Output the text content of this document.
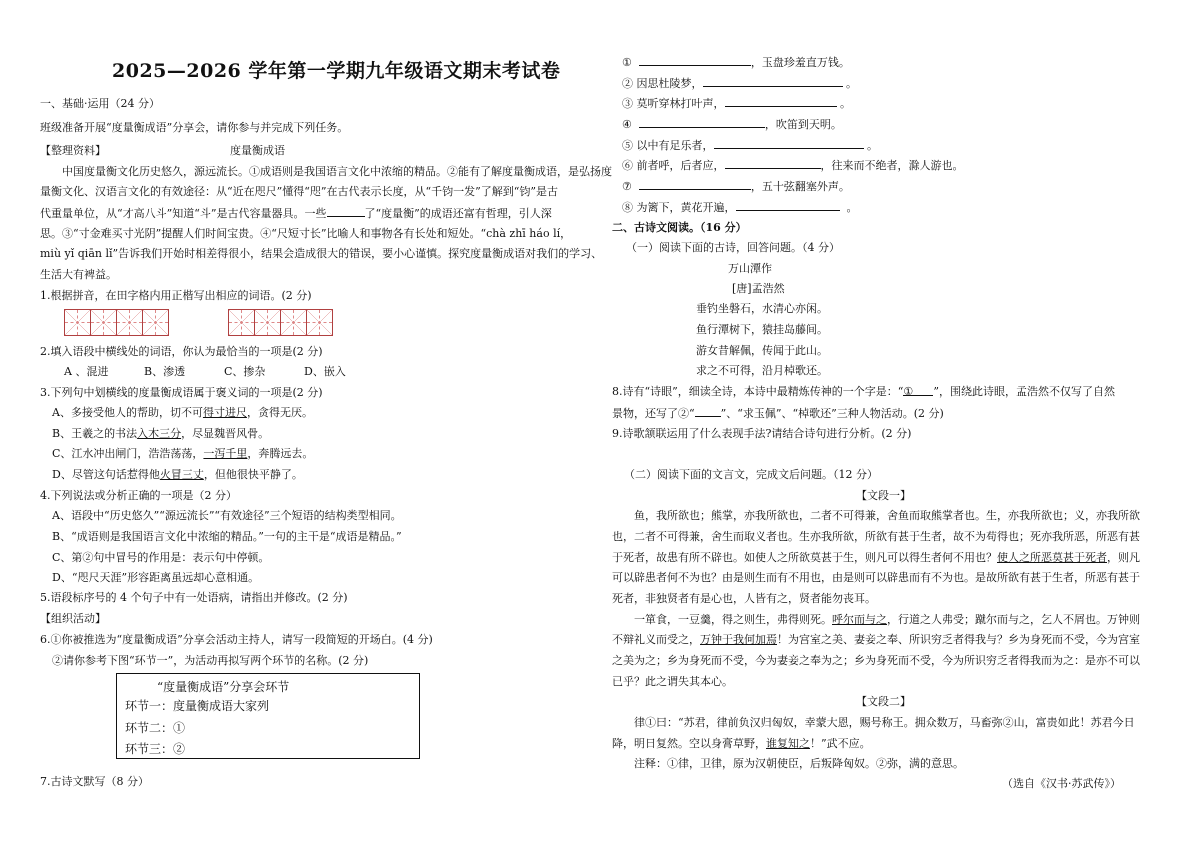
2025—2026 学年第一学期九年级语文期末考试卷
一、基础·运用（24 分）
班级准备开展“度量衡成语”分享会，请你参与并完成下列任务。
【整理资料】	度量衡成语
中国度量衡文化历史悠久，源远流长。①成语则是我国语言文化中浓缩的精品。②能有了解度量衡成语，是弘扬度
量衡文化、汉语言文化的有效途径：从“近在咫尺”懂得“咫”在古代表示长度，从“千钧一发”了解到“钧”是古
代重量单位，从“才高八斗”知道“斗”是古代容量器具。一些	了“度量衡”的成语还富有哲理，引人深
思。③“寸金难买寸光阴”提醒人们时间宝贵。④“尺短寸长”比喻人和事物各有长处和短处。“chà zhī háo lí，
miù yǐ qiān lǐ”告诉我们开始时相差得很小，结果会造成很大的错误，要小心谨慎。探究度量衡成语对我们的学习、
生活大有裨益。
1.根据拼音，在田字格内用正楷写出相应的词语。(2 分)
2.填入语段中横线处的词语，你认为最恰当的一项是(2 分)
A 、混进	B、渗透	C、掺杂	D、嵌入
3.下列句中划横线的度量衡成语属于褒义词的一项是(2 分)
A、多接受他人的帮助，切不可得寸进尺，贪得无厌。
B、王羲之的书法入木三分，尽显魏晋风骨。
C、江水冲出闸门，浩浩荡荡，一泻千里，奔腾远去。
D、尽管这句话惹得他火冒三丈，但他很快平静了。
4.下列说法或分析正确的一项是（2 分）
A、语段中“历史悠久”“源远流长”“有效途径”三个短语的结构类型相同。
B、“成语则是我国语言文化中浓缩的精品。”一句的主干是“成语是精品。”
C、第②句中冒号的作用是：表示句中停顿。
D、“咫尺天涯”形容距离虽远却心意相通。
5.语段标序号的 4 个句子中有一处语病，请指出并修改。(2 分)
【组织活动】
6.①你被推选为“度量衡成语”分享会活动主持人，请写一段简短的开场白。(4 分)
②请你参考下图“环节一”，为活动再拟写两个环节的名称。(2 分)
“度量衡成语”分享会环节
环节一：度量衡成语大家列
环节二：①
环节三：②
7.古诗文默写（8 分）
①	，玉盘珍羞直万钱。
② 因思杜陵梦，	。
③ 莫听穿林打叶声，	。
④	，吹笛到天明。
⑤ 以中有足乐者，	。
⑥ 前者呼，后者应，	，往来而不绝者，滁人游也。
⑦	，五十弦翻塞外声。
⑧ 为篱下，黄花开遍，	。
二、古诗文阅读。（16 分）
（一）阅读下面的古诗，回答问题。（4 分）
万山潭作
[唐]孟浩然
垂钓坐磐石，水清心亦闲。
鱼行潭树下，猿挂岛藤间。
游女昔解佩，传闻于此山。
求之不可得，沿月棹歌还。
8.诗有“诗眼”，细读全诗，本诗中最精炼传神的一个字是：“① ”，围绕此诗眼，孟浩然不仅写了自然
景物，还写了②“ ”、“求玉佩”、“棹歌还”三种人物活动。(2 分)
9.诗歌颔联运用了什么表现手法?请结合诗句进行分析。(2 分)
（二）阅读下面的文言文，完成文后问题。（12 分）
【文段一】
鱼，我所欲也；熊掌，亦我所欲也，二者不可得兼，舍鱼而取熊掌者也。生，亦我所欲也；义，亦我所欲
也，二者不可得兼，舍生而取义者也。生亦我所欲，所欲有甚于生者，故不为苟得也；死亦我所恶，所恶有甚
于死者，故患有所不辟也。如使人之所欲莫甚于生，则凡可以得生者何不用也？使人之所恶莫甚于死者，则凡
可以辟患者何不为也？由是则生而有不用也，由是则可以辟患而有不为也。是故所欲有甚于生者，所恶有甚于
死者，非独贤者有是心也，人皆有之，贤者能勿丧耳。
一箪食，一豆羹，得之则生，弗得则死。呼尔而与之，行道之人弗受；蹴尔而与之，乞人不屑也。万钟则
不辩礼义而受之，万钟于我何加焉！为宫室之美、妻妾之奉、所识穷乏者得我与？乡为身死而不受，今为宫室
之美为之；乡为身死而不受，今为妻妾之奉为之；乡为身死而不受，今为所识穷乏者得我而为之：是亦不可以
已乎？此之谓失其本心。
【文段二】
律①曰：“苏君，律前负汉归匈奴，幸蒙大恩，赐号称王。拥众数万，马畜弥②山，富贵如此！苏君今日
降，明日复然。空以身膏草野，谁复知之！”武不应。
注释：①律，卫律，原为汉朝使臣，后叛降匈奴。②弥，满的意思。
（选自《汉书·苏武传》）
